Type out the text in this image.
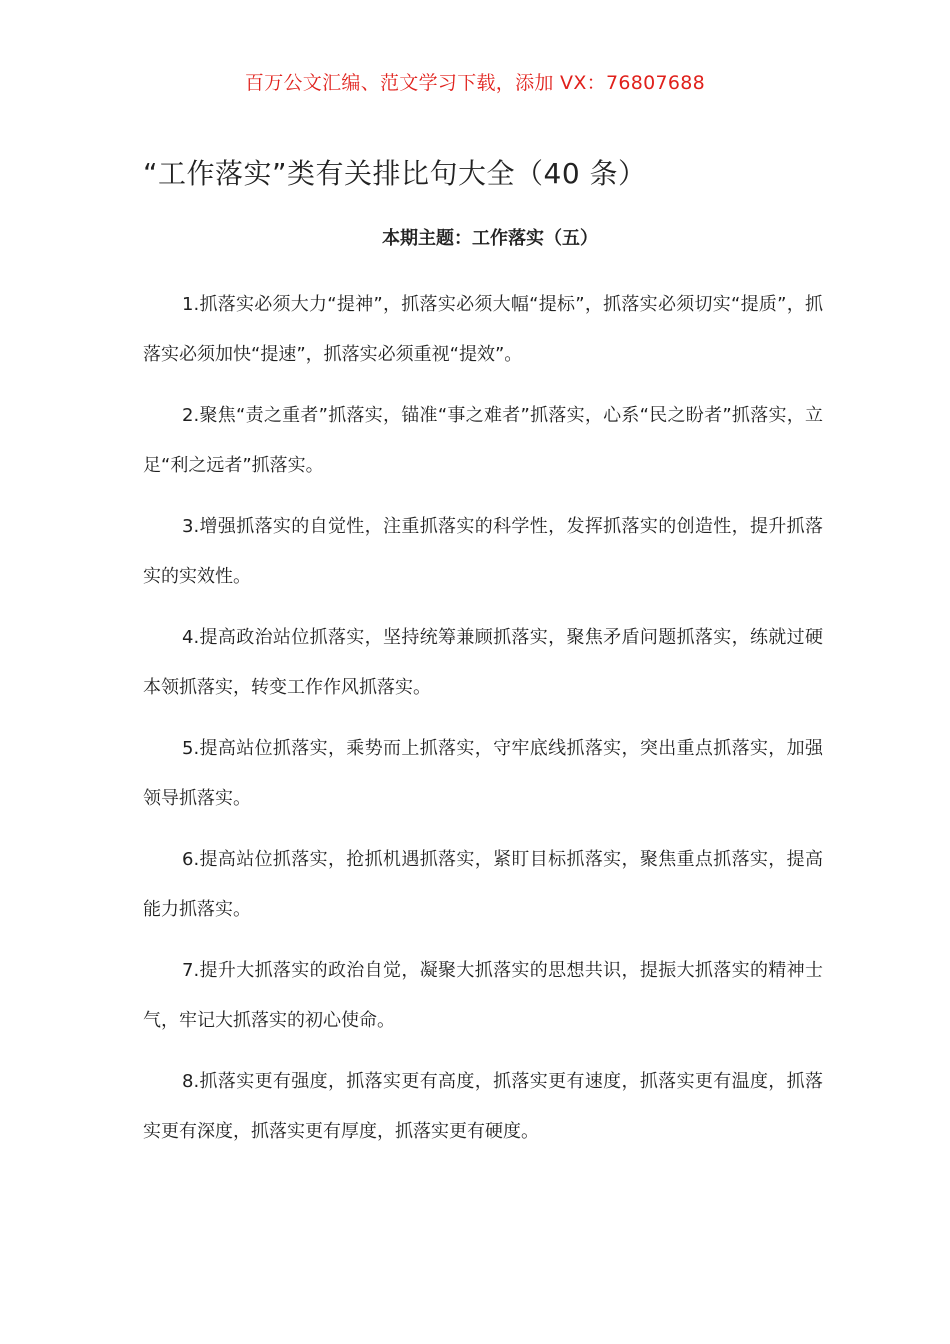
百万公文汇编、范文学习下载，添加 VX：76807688
“工作落实”类有关排比句大全（40 条）
本期主题：工作落实（五）

1.抓落实必须大力“提神”，抓落实必须大幅“提标”，抓落实必须切实“提质”，抓落实必须加快“提速”，抓落实必须重视“提效”。

2.聚焦“责之重者”抓落实，锚准“事之难者”抓落实，心系“民之盼者”抓落实，立足“利之远者”抓落实。

3.增强抓落实的自觉性，注重抓落实的科学性，发挥抓落实的创造性，提升抓落实的实效性。

4.提高政治站位抓落实，坚持统筹兼顾抓落实，聚焦矛盾问题抓落实，练就过硬本领抓落实，转变工作作风抓落实。

5.提高站位抓落实，乘势而上抓落实，守牢底线抓落实，突出重点抓落实，加强领导抓落实。

6.提高站位抓落实，抢抓机遇抓落实，紧盯目标抓落实，聚焦重点抓落实，提高能力抓落实。

7.提升大抓落实的政治自觉，凝聚大抓落实的思想共识，提振大抓落实的精神士气，牢记大抓落实的初心使命。

8.抓落实更有强度，抓落实更有高度，抓落实更有速度，抓落实更有温度，抓落实更有深度，抓落实更有厚度，抓落实更有硬度。
